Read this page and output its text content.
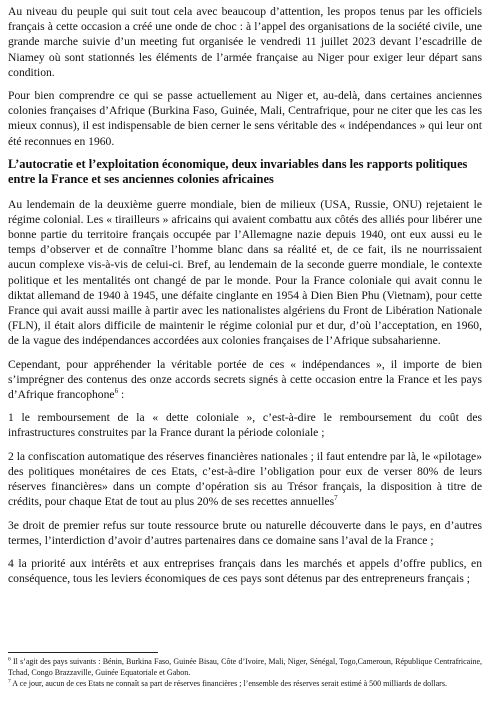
Au niveau du peuple qui suit tout cela avec beaucoup d’attention, les propos tenus par les officiels français à cette occasion a créé une onde de choc : à l’appel des organisations de la société civile, une grande marche suivie d’un meeting fut organisée le vendredi 11 juillet 2023 devant l’escadrille de Niamey où sont stationnés les éléments de l’armée française au Niger pour exiger leur départ sans condition.

Pour bien comprendre ce qui se passe actuellement au Niger et, au-delà, dans certaines anciennes colonies françaises d’Afrique (Burkina Faso, Guinée, Mali, Centrafrique, pour ne citer que les cas les mieux connus), il est indispensable de bien cerner le sens véritable des « indépendances » qui leur ont été reconnues en 1960.

L’autocratie et l’exploitation économique, deux invariables dans les rapports politiques entre la France et ses anciennes colonies africaines

Au lendemain de la deuxième guerre mondiale, bien de milieux (USA, Russie, ONU) rejetaient le régime colonial. Les « tirailleurs » africains qui avaient combattu aux côtés des alliés pour libérer une bonne partie du territoire français occupée par l’Allemagne nazie depuis 1940, ont eux aussi eu le temps d’observer et de connaître l’homme blanc dans sa réalité et, de ce fait, ils ne nourrissaient aucun complexe vis-à-vis de celui-ci. Bref, au lendemain de la seconde guerre mondiale, le contexte politique et les mentalités ont changé de par le monde. Pour la France coloniale qui avait connu le diktat allemand de 1940 à 1945, une défaite cinglante en 1954 à Dien Bien Phu (Vietnam), pour cette France qui avait aussi maille à partir avec les nationalistes algériens du Front de Libération Nationale (FLN), il était alors difficile de maintenir le régime colonial pur et dur, d’où l’acceptation, en 1960, de la vague des indépendances accordées aux colonies françaises de l’Afrique subsaharienne.

Cependant, pour appréhender la véritable portée de ces « indépendances », il importe de bien s’imprégner des contenus des onze accords secrets signés à cette occasion entre la France et les pays d’Afrique francophone$^6$ :

1 le remboursement de la « dette coloniale », c’est-à-dire le remboursement du coût des infrastructures construites par la France durant la période coloniale ;

2 la confiscation automatique des réserves financières nationales ; il faut entendre par là, le «pilotage» des politiques monétaires de ces Etats, c’est-à-dire l’obligation pour eux de verser 80% de leurs réserves financières» dans un compte d’opération sis au Trésor français, la disposition à titre de crédits, pour chaque Etat de tout au plus 20% de ses recettes annuelles$^7$

3e droit de premier refus sur toute ressource brute ou naturelle découverte dans le pays, en d’autres termes, l’interdiction d’avoir d’autres partenaires dans ce domaine sans l’aval de la France ;

4 la priorité aux intérêts et aux entreprises français dans les marchés et appels d’offre publics, en conséquence, tous les leviers économiques de ces pays sont détenus par des entrepreneurs français ;

$^6$ Il s’agit des pays suivants : Bénin, Burkina Faso, Guinée Bisau, Côte d’Ivoire, Mali, Niger, Sénégal, Togo,Cameroun, République Centrafricaine, Tchad, Congo Brazzaville, Guinée Equatoriale et Gabon.
$^7$ A ce jour, aucun de ces Etats ne connaît sa part de réserves financières ; l’ensemble des réserves serait estimé à 500 milliards de dollars.
